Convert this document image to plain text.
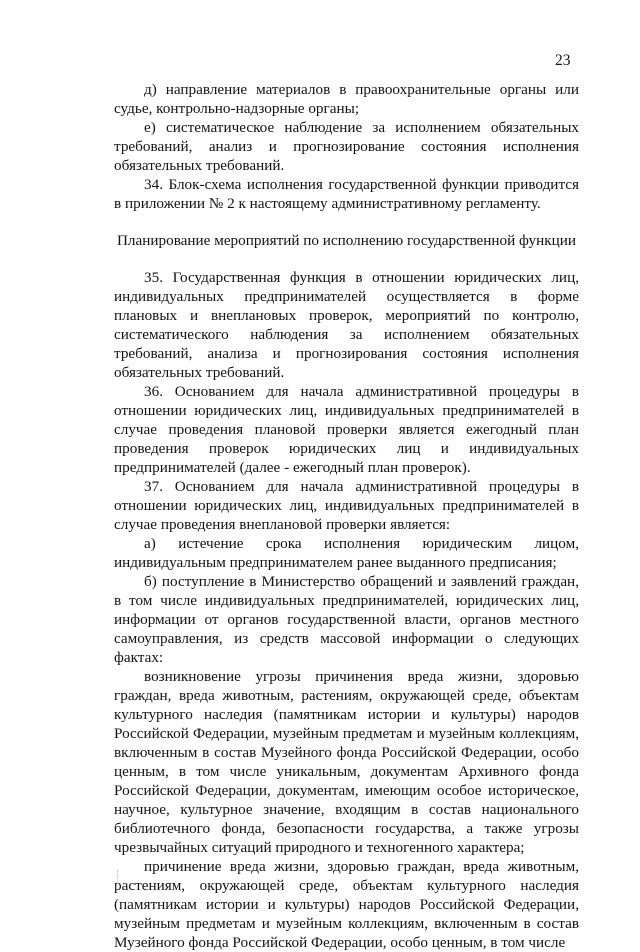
23

д) направление материалов в правоохранительные органы или судье, контрольно-надзорные органы;

е) систематическое наблюдение за исполнением обязательных требований, анализ и прогнозирование состояния исполнения обязательных требований.

34. Блок-схема исполнения государственной функции приводится в приложении № 2 к настоящему административному регламенту.

Планирование мероприятий по исполнению государственной функции

35. Государственная функция в отношении юридических лиц, индивидуальных предпринимателей осуществляется в форме плановых и внеплановых проверок, мероприятий по контролю, систематического наблюдения за исполнением обязательных требований, анализа и прогнозирования состояния исполнения обязательных требований.

36. Основанием для начала административной процедуры в отношении юридических лиц, индивидуальных предпринимателей в случае проведения плановой проверки является ежегодный план проведения проверок юридических лиц и индивидуальных предпринимателей (далее - ежегодный план проверок).

37. Основанием для начала административной процедуры в отношении юридических лиц, индивидуальных предпринимателей в случае проведения внеплановой проверки является:

а) истечение срока исполнения юридическим лицом, индивидуальным предпринимателем ранее выданного предписания;

б) поступление в Министерство обращений и заявлений граждан, в том числе индивидуальных предпринимателей, юридических лиц, информации от органов государственной власти, органов местного самоуправления, из средств массовой информации о следующих фактах:

возникновение угрозы причинения вреда жизни, здоровью граждан, вреда животным, растениям, окружающей среде, объектам культурного наследия (памятникам истории и культуры) народов Российской Федерации, музейным предметам и музейным коллекциям, включенным в состав Музейного фонда Российской Федерации, особо ценным, в том числе уникальным, документам Архивного фонда Российской Федерации, документам, имеющим особое историческое, научное, культурное значение, входящим в состав национального библиотечного фонда, безопасности государства, а также угрозы чрезвычайных ситуаций природного и техногенного характера;

причинение вреда жизни, здоровью граждан, вреда животным, растениям, окружающей среде, объектам культурного наследия (памятникам истории и культуры) народов Российской Федерации, музейным предметам и музейным коллекциям, включенным в состав Музейного фонда Российской Федерации, особо ценным, в том числе
